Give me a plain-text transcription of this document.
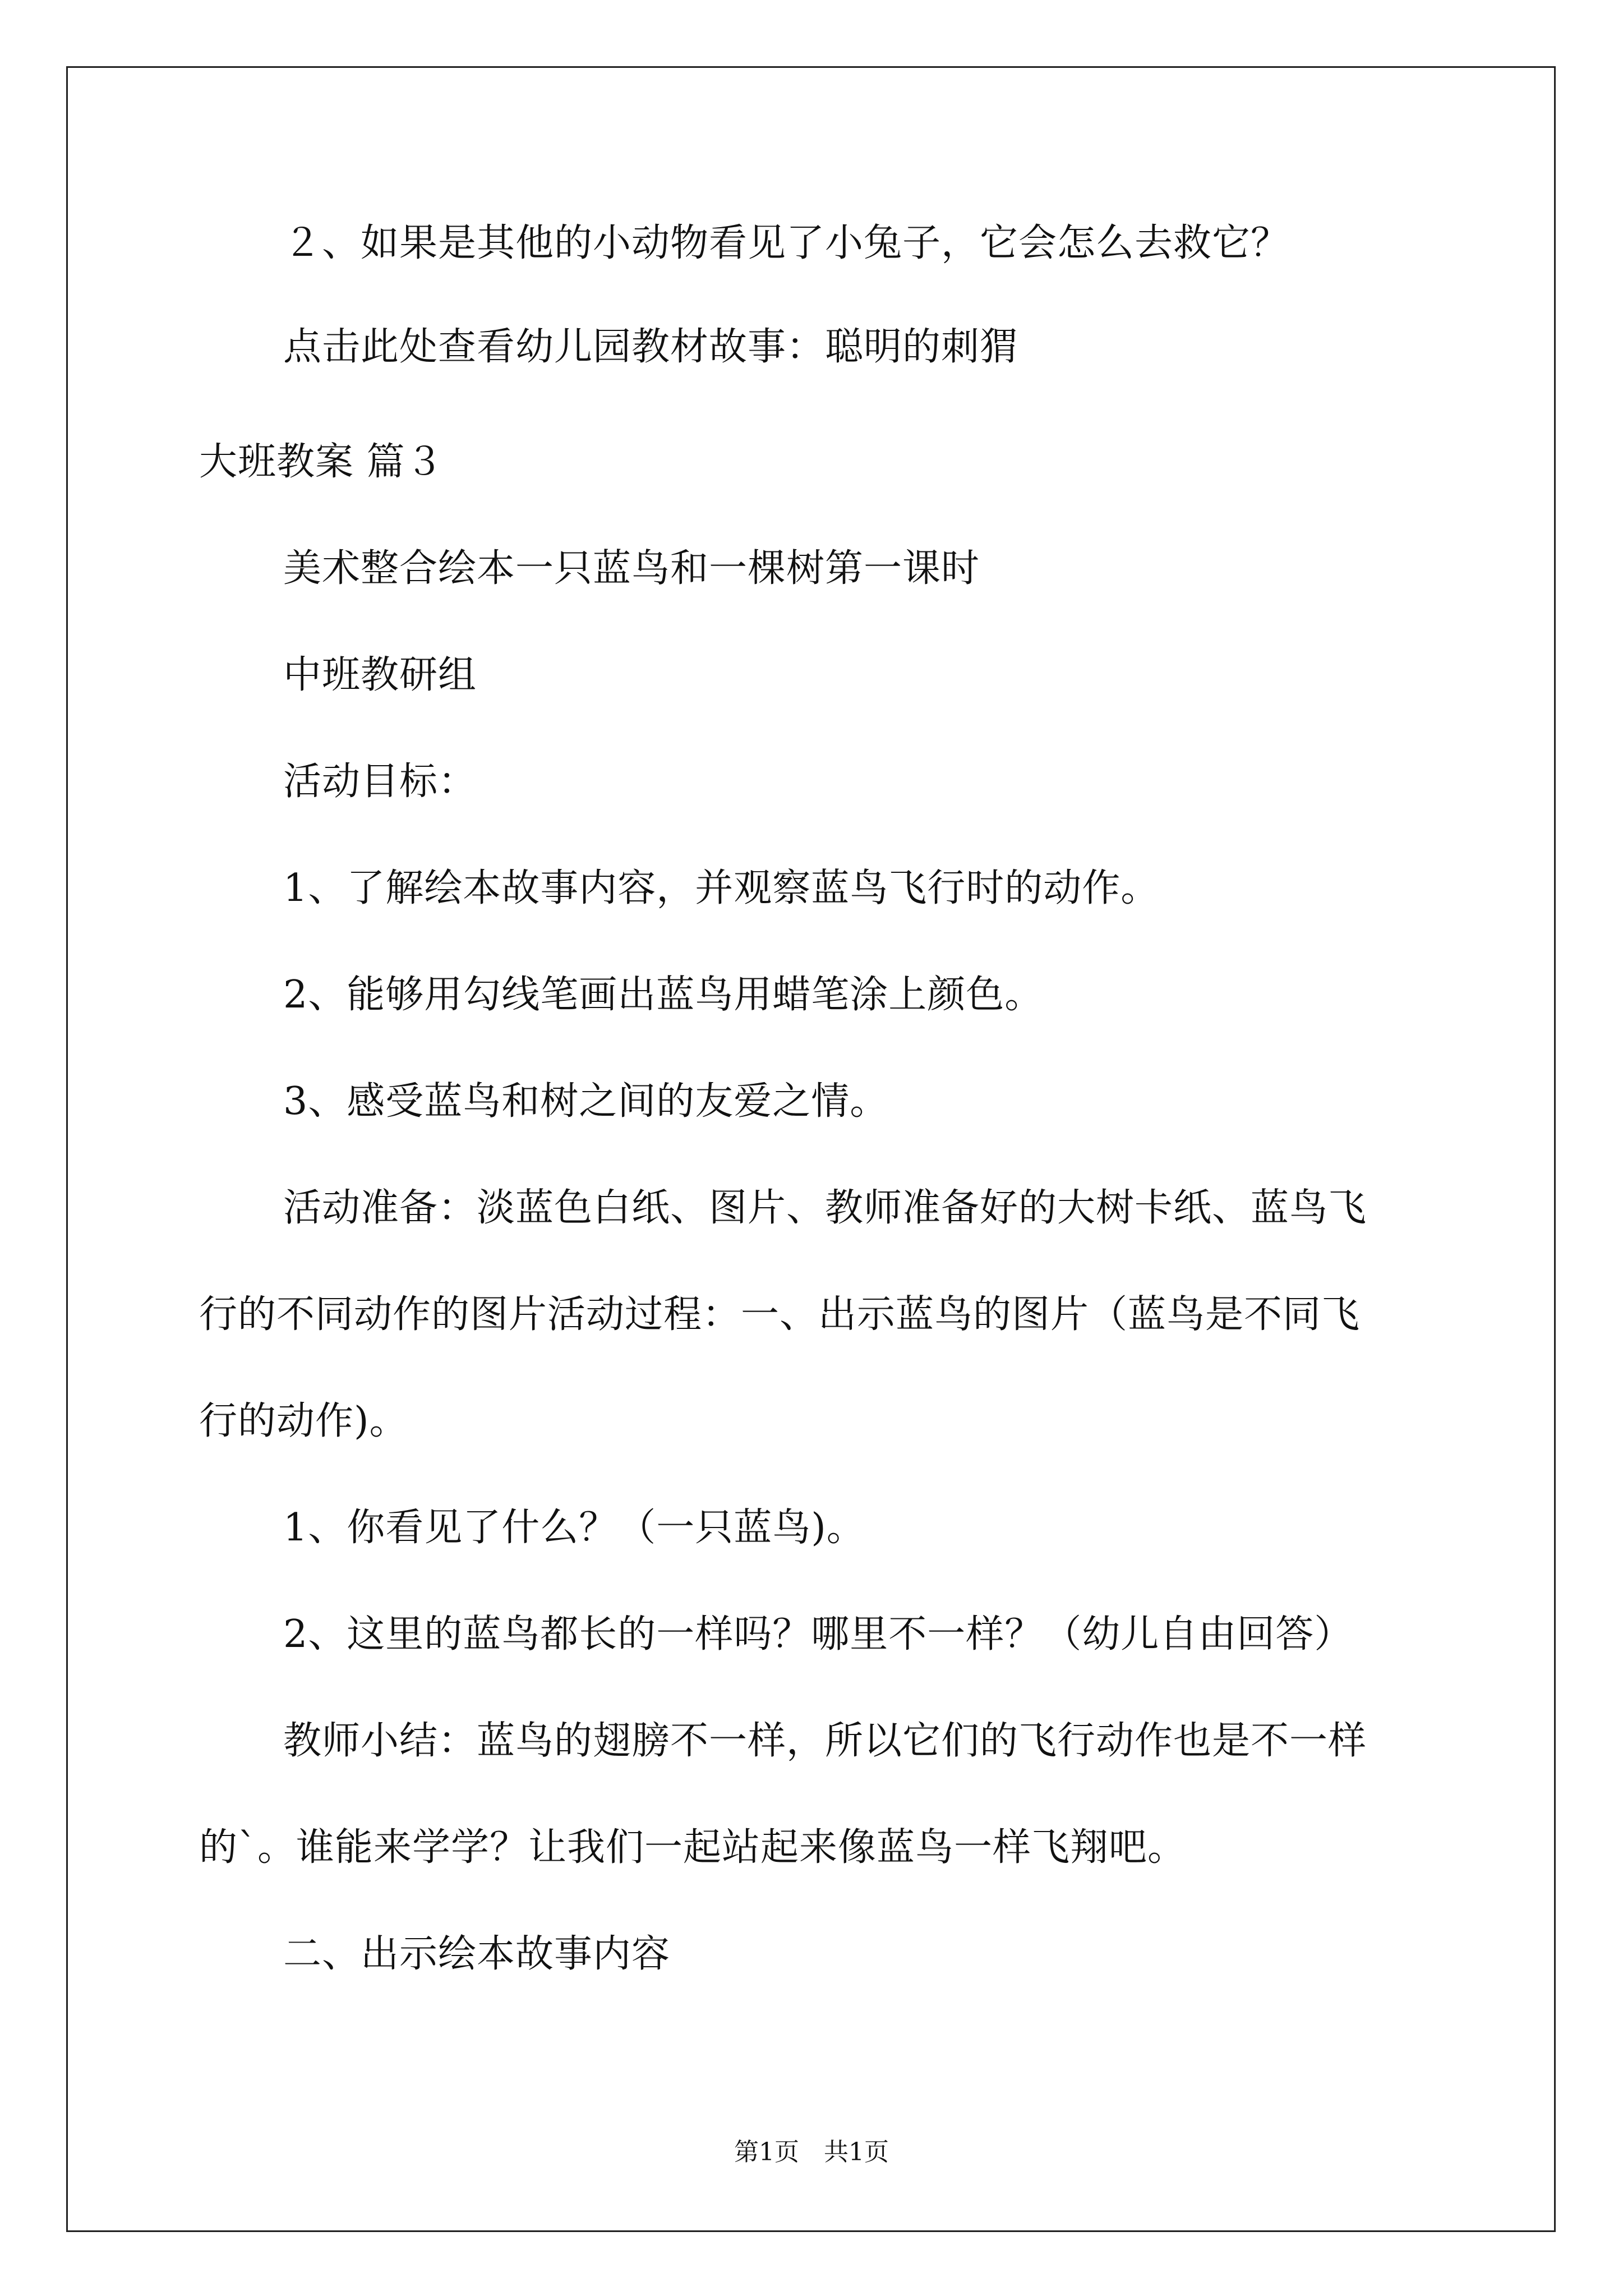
２、如果是其他的小动物看见了小兔子，它会怎么去救它？
点击此处查看幼儿园教材故事：聪明的刺猬
大班教案 篇３
美术整合绘本一只蓝鸟和一棵树第一课时
中班教研组
活动目标：
1、了解绘本故事内容，并观察蓝鸟飞行时的动作。
2、能够用勾线笔画出蓝鸟用蜡笔涂上颜色。
3、感受蓝鸟和树之间的友爱之情。
活动准备：淡蓝色白纸、图片、教师准备好的大树卡纸、蓝鸟飞
行的不同动作的图片活动过程：一、出示蓝鸟的图片（蓝鸟是不同飞
行的动作)。
1、你看见了什么？（一只蓝鸟)。
2、这里的蓝鸟都长的一样吗？哪里不一样？（幼儿自由回答）
教师小结：蓝鸟的翅膀不一样，所以它们的飞行动作也是不一样
的`。谁能来学学？让我们一起站起来像蓝鸟一样飞翔吧。
二、出示绘本故事内容
第1页　共1页
